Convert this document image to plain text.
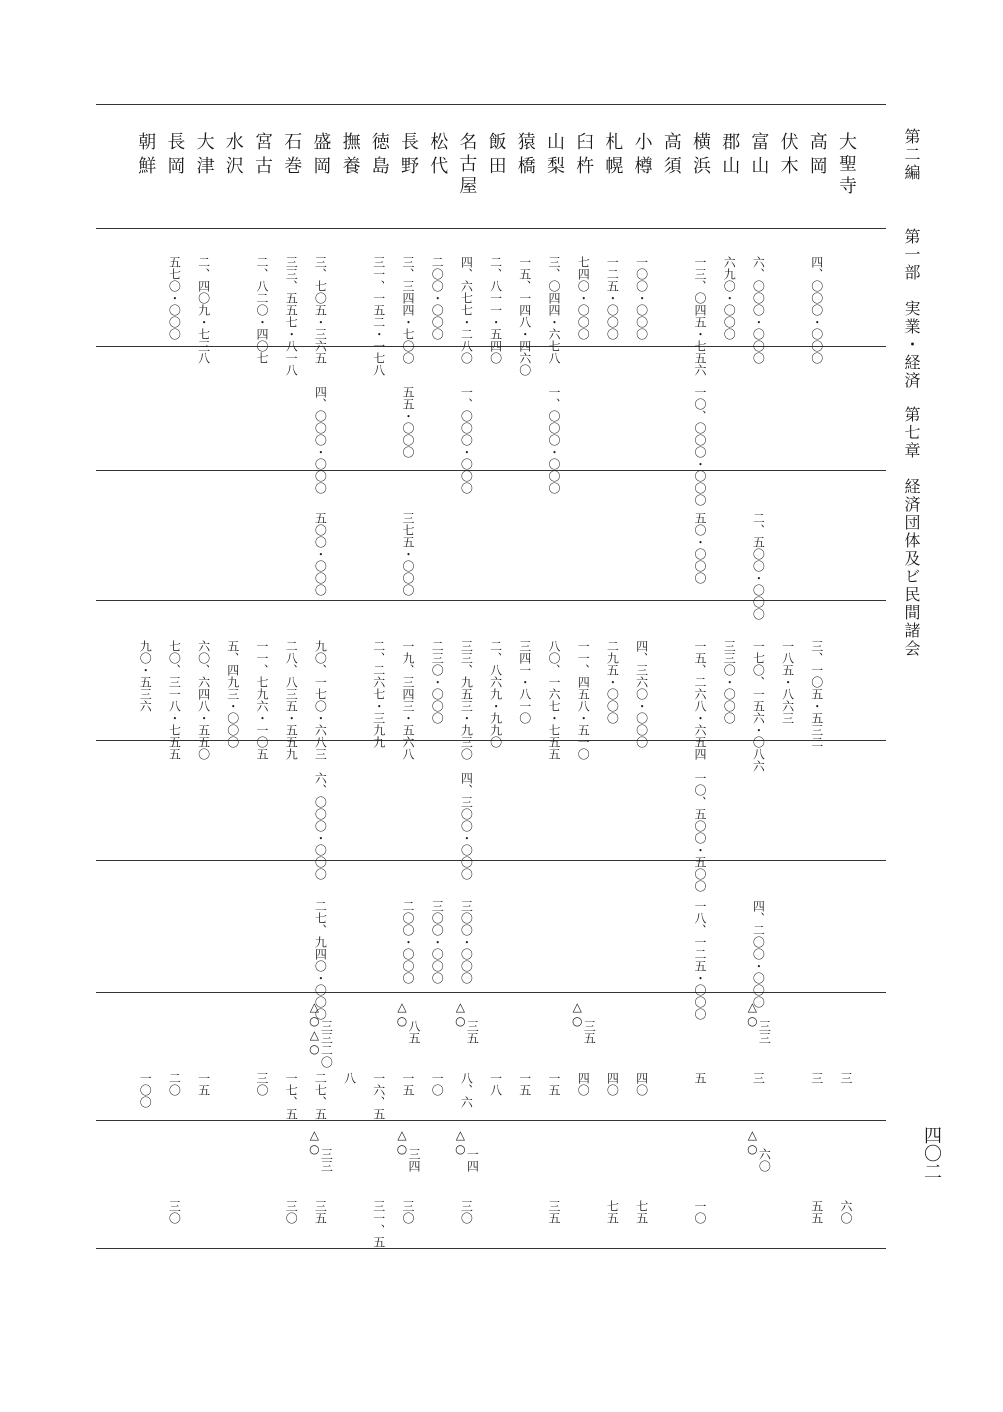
第二編
第一部　実業・経済
第七章　経済団体及ビ民間諸会
四〇二
大聖寺
三
六〇
高岡
四、〇〇〇・〇〇〇
三、一〇五・五三二
三
五五
伏木
一八五・八六三
富山
六、〇〇〇・〇〇〇
二、五〇〇・〇〇〇
一七〇、一五六・〇八六
四、二〇〇・〇〇〇
△○
三三
三
△○
六〇
郡山
六九〇・〇〇〇
三三〇・〇〇〇
横浜
一三、〇四五・七五六
一〇、〇〇〇・〇〇〇
五〇・〇〇〇
一五、二六八・六五四
一〇、五〇〇・五〇〇
一八、一二五・〇〇〇
五
一〇
高須
小樽
一〇〇・〇〇〇
四、三六〇・〇〇〇
四〇
七五
札幌
一二五・〇〇〇
二九五・〇〇〇
四〇
七五
臼杵
七四〇・〇〇〇
一一、四五八・五一〇
△○
三五
四〇
山梨
三、〇四四・六七八
一、〇〇〇・〇〇〇
八〇、一六七・七五五
一五
三五
猿橋
一五、一四八・四六〇
三四一・八一〇
一五
飯田
二、八一一・五四〇
二、八六九・九九〇
一八
名古屋
四、六七七・二八〇
一、〇〇〇・〇〇〇
三三、九五三・九三〇
四、三〇〇・〇〇〇
三〇〇・〇〇〇
△○
三五
八、六
△○
一四
三〇
松代
二〇〇・〇〇〇
二三〇・〇〇〇
三〇〇・〇〇〇
一〇
長野
三、三四四・七〇〇
五五・〇〇〇
三七五・〇〇〇
一九、三四三・五六八
二〇〇・〇〇〇
△○
八五
一五
△○
三四
三〇
徳島
三一、一五二・一七八
二、二六七・三九九
一六、五
三一、五
撫養
八
盛岡
三、七〇五・三六五
四、〇〇〇・〇〇〇
五〇〇・〇〇〇
九〇、一七〇・六八三
六、〇〇〇・〇〇〇
二七、九四〇・〇〇〇
△○△○
三三二〇
二七、五
△○
三三
三五
石巻
三三、五五七・八一八
二八、八三五・五五九
一七、五
三〇
宮古
二、八二〇・四〇七
一一、七九六・一〇五
三〇
水沢
五、四九三・〇〇〇
大津
二、四〇九・七三八
六〇、六四八・五五〇
一五
長岡
五七〇・〇〇〇
七〇、三一八・七五五
二〇
三〇
朝鮮
九〇・五三六
一〇〇
